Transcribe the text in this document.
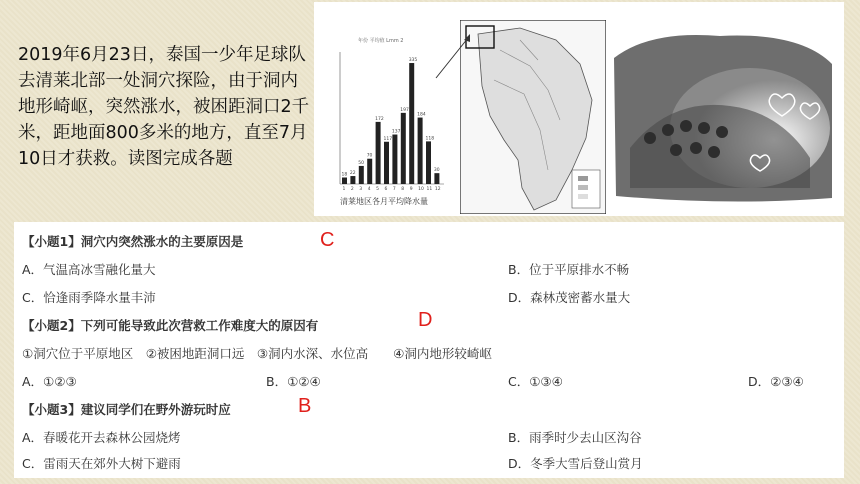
2019年6月23日，泰国一少年足球队去清莱北部一处洞穴探险，由于洞内地形崎岖，突然涨水，被困距洞口2千米，距地面800多米的地方，直至7月10日才获救。读图完成各题
年份 平均值 Lmm 2
18
1
22
2
50
3
70
4
172
5
117
6
137
7
197
8
335
9
184
10
118
11
30
12
清莱地区各月平均降水量
【小题1】洞穴内突然涨水的主要原因是	C
A．气温高冰雪融化量大	B．位于平原排水不畅
C．恰逢雨季降水量丰沛	D．森林茂密蓄水量大
【小题2】下列可能导致此次营救工作难度大的原因有	D
①洞穴位于平原地区　②被困地距洞口远　③洞内水深、水位高　　④洞内地形较崎岖
A．①②③	B．①②④	C．①③④	D．②③④
【小题3】建议同学们在野外游玩时应	B
A．春暖花开去森林公园烧烤	B．雨季时少去山区沟谷
C．雷雨天在郊外大树下避雨	D．冬季大雪后登山赏月
